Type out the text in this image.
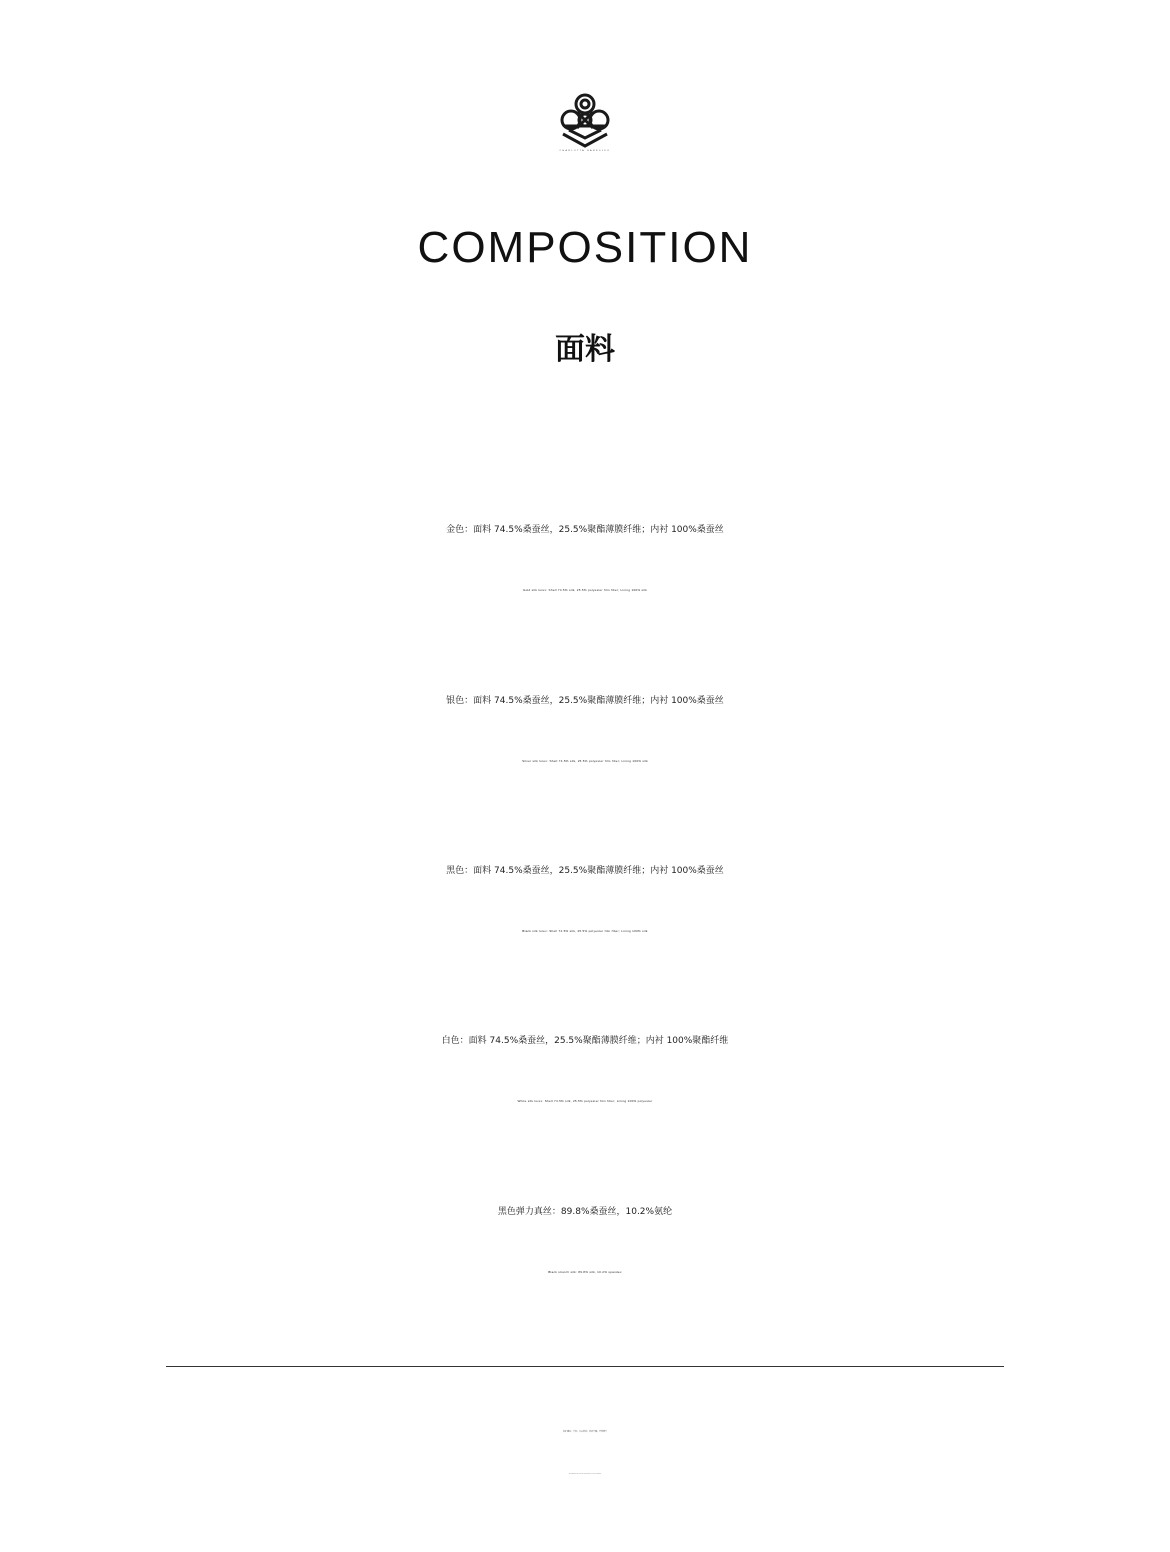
CHARLOTTA GANDOLFO
COMPOSITION
面料
金色：面料 74.5%桑蚕丝，25.5%聚酯薄膜纤维；内衬 100%桑蚕丝
Gold silk lurex: Shell 74.5% silk, 25.5% polyester film fiber; Lining 100% silk
银色：面料 74.5%桑蚕丝，25.5%聚酯薄膜纤维；内衬 100%桑蚕丝
Silver silk lurex: Shell 74.5% silk, 25.5% polyester film fiber; Lining 100% silk
黑色：面料 74.5%桑蚕丝，25.5%聚酯薄膜纤维；内衬 100%桑蚕丝
Black silk lurex: Shell 74.5% silk, 25.5% polyester film fiber; Lining 100% silk
白色：面料 74.5%桑蚕丝，25.5%聚酯薄膜纤维；内衬 100%聚酯纤维
White silk lurex: Shell 74.5% silk, 25.5% polyester film fiber; Lining 100% polyester
黑色弹力真丝：89.8%桑蚕丝，10.2%氨纶
Black stretch silk: 89.8% silk, 10.2% spandex
洗护建议：干洗；小心轻放；平放干燥；不可烘干
Care instructions: Dry-clean only. Handle with care. Flat dry. No tumbling.
